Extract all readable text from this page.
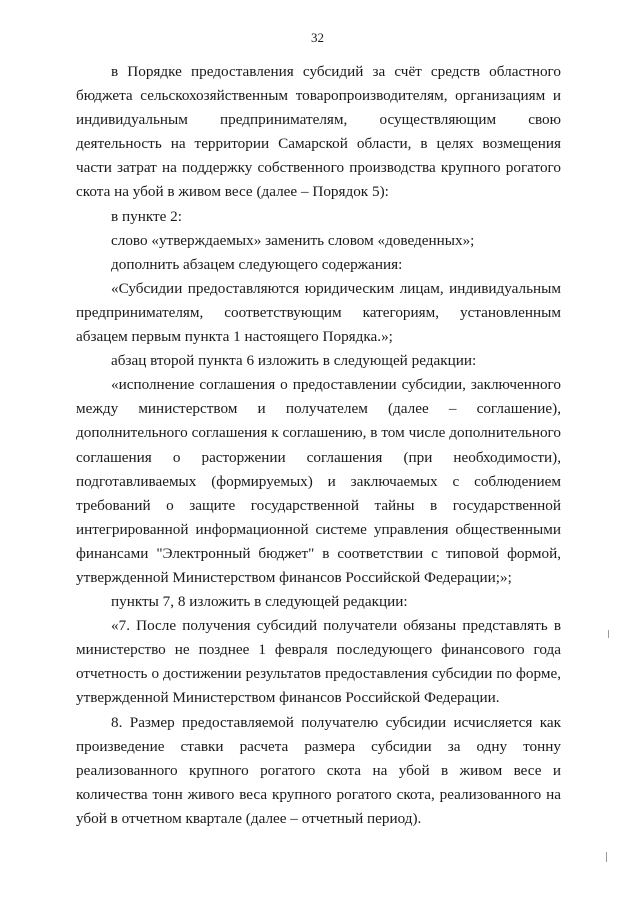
32

в Порядке предоставления субсидий за счёт средств областного бюджета сельскохозяйственным товаропроизводителям, организациям и индивидуальным предпринимателям, осуществляющим свою деятельность на территории Самарской области, в целях возмещения части затрат на поддержку собственного производства крупного рогатого скота на убой в живом весе (далее – Порядок 5):

в пункте 2:

слово «утверждаемых» заменить словом «доведенных»;

дополнить абзацем следующего содержания:

«Субсидии предоставляются юридическим лицам, индивидуальным предпринимателям, соответствующим категориям, установленным абзацем первым пункта 1 настоящего Порядка.»;

абзац второй пункта 6 изложить в следующей редакции:

«исполнение соглашения о предоставлении субсидии, заключенного между министерством и получателем (далее – соглашение), дополнительного соглашения к соглашению, в том числе дополнительного соглашения о расторжении соглашения (при необходимости), подготавливаемых (формируемых) и заключаемых с соблюдением требований о защите государственной тайны в государственной интегрированной информационной системе управления общественными финансами "Электронный бюджет" в соответствии с типовой формой, утвержденной Министерством финансов Российской Федерации;»;

пункты 7, 8 изложить в следующей редакции:

«7. После получения субсидий получатели обязаны представлять в министерство не позднее 1 февраля последующего финансового года отчетность о достижении результатов предоставления субсидии по форме, утвержденной Министерством финансов Российской Федерации.

8. Размер предоставляемой получателю субсидии исчисляется как произведение ставки расчета размера субсидии за одну тонну реализованного крупного рогатого скота на убой в живом весе и количества тонн живого веса крупного рогатого скота, реализованного на убой в отчетном квартале (далее – отчетный период).
